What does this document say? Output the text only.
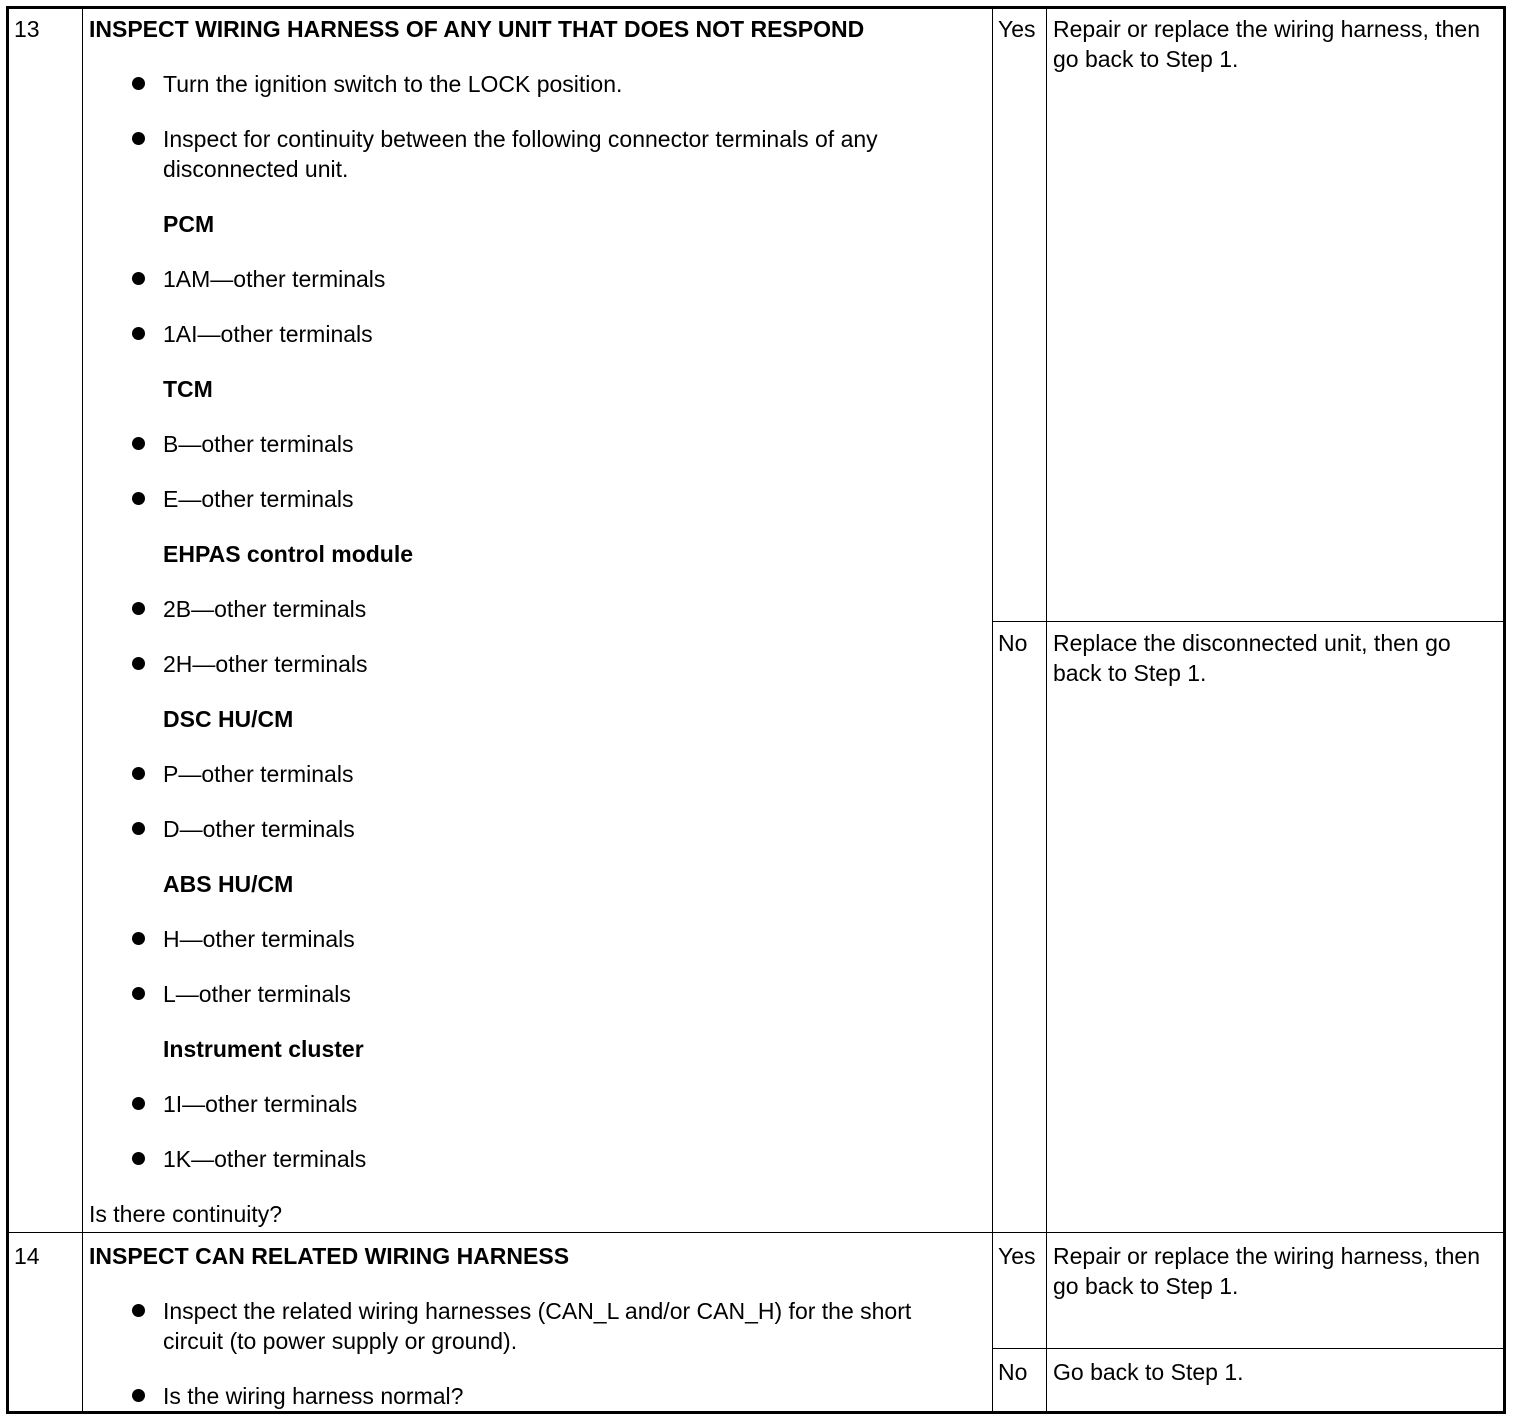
13 INSPECT WIRING HARNESS OF ANY UNIT THAT DOES NOT RESPOND
Turn the ignition switch to the LOCK position.
Inspect for continuity between the following connector terminals of any disconnected unit.
PCM
1AM—other terminals
1AI—other terminals
TCM
B—other terminals
E—other terminals
EHPAS control module
2B—other terminals
2H—other terminals
DSC HU/CM
P—other terminals
D—other terminals
ABS HU/CM
H—other terminals
L—other terminals
Instrument cluster
1I—other terminals
1K—other terminals
Is there continuity?
Yes Repair or replace the wiring harness, then go back to Step 1.
No Replace the disconnected unit, then go back to Step 1.
14 INSPECT CAN RELATED WIRING HARNESS
Inspect the related wiring harnesses (CAN_L and/or CAN_H) for the short circuit (to power supply or ground).
Is the wiring harness normal?
Yes Repair or replace the wiring harness, then go back to Step 1.
No Go back to Step 1.
